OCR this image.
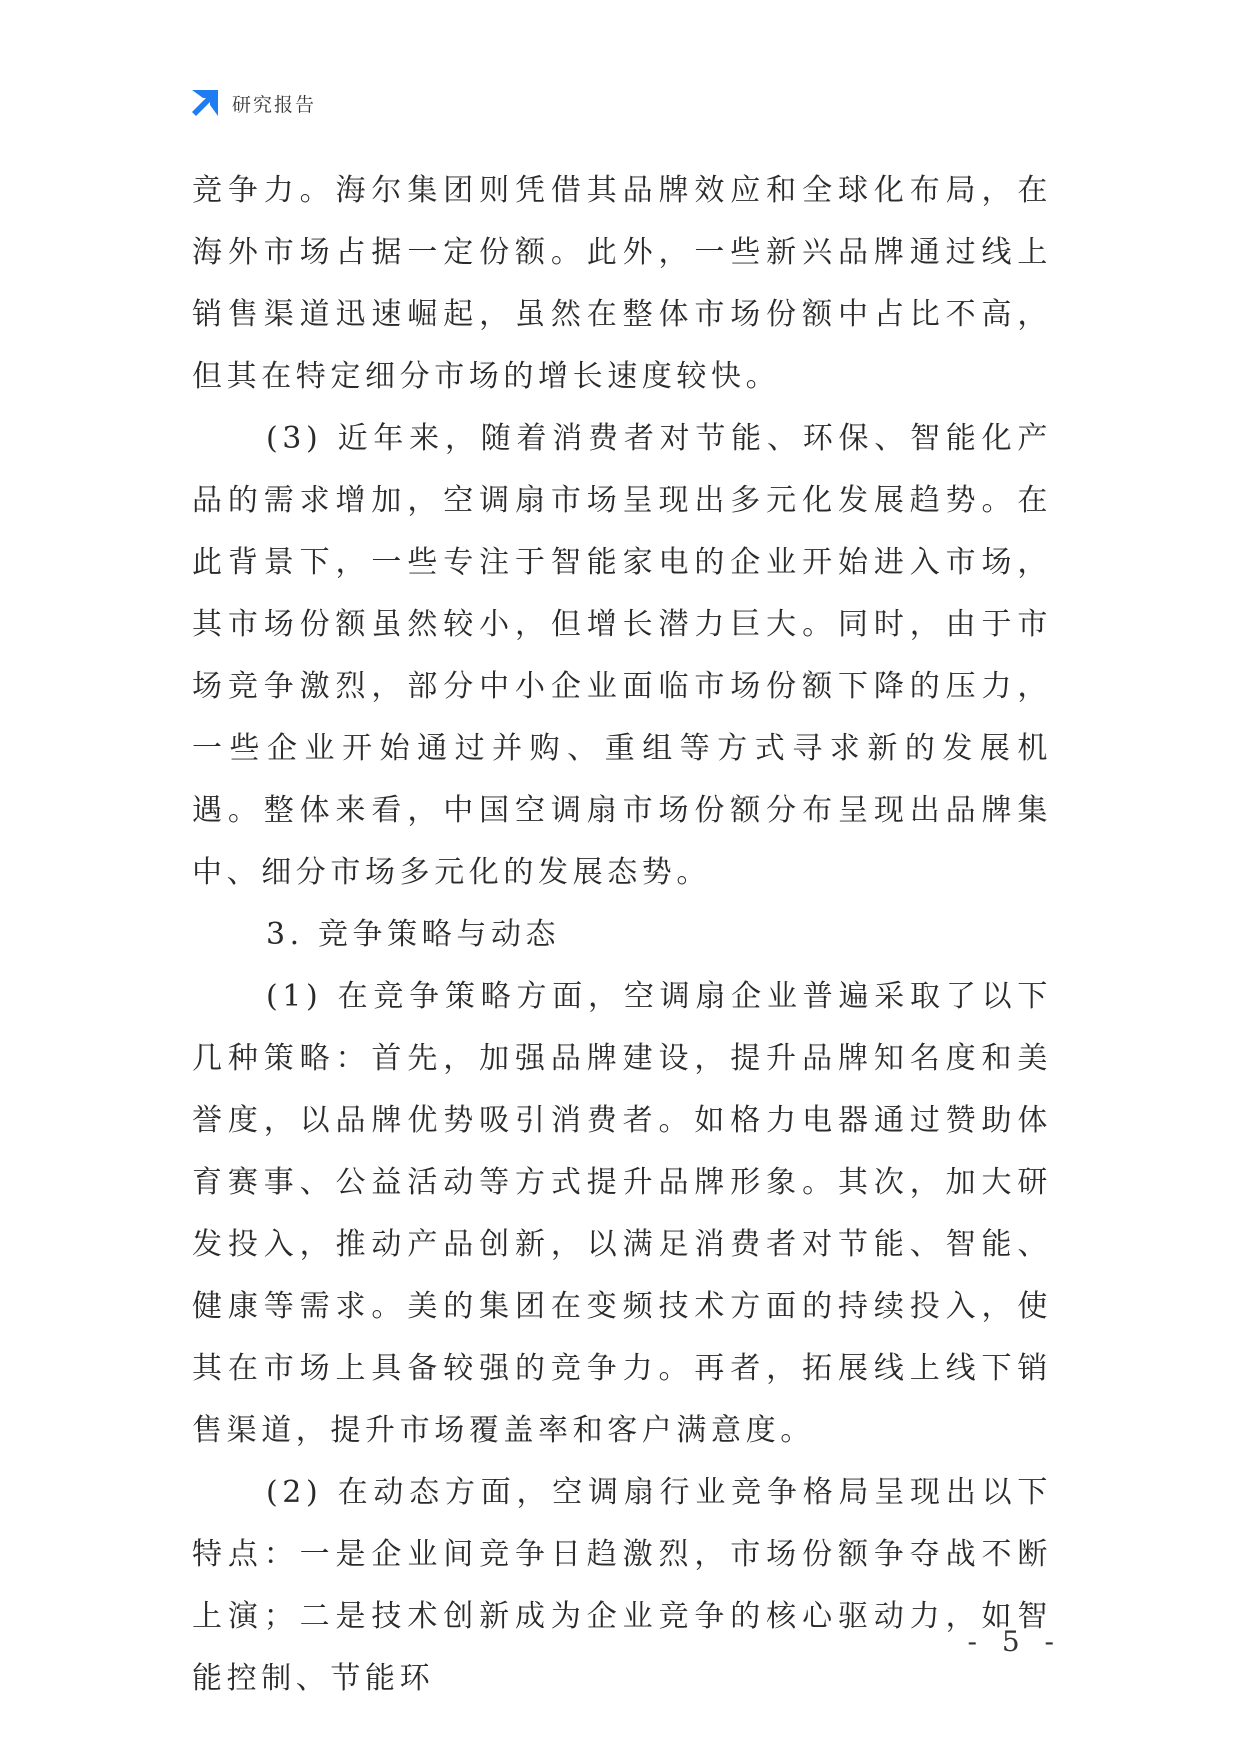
研究报告

竞争力。海尔集团则凭借其品牌效应和全球化布局，在海外市场占据一定份额。此外，一些新兴品牌通过线上销售渠道迅速崛起，虽然在整体市场份额中占比不高，但其在特定细分市场的增长速度较快。

(3) 近年来，随着消费者对节能、环保、智能化产品的需求增加，空调扇市场呈现出多元化发展趋势。在此背景下，一些专注于智能家电的企业开始进入市场，其市场份额虽然较小，但增长潜力巨大。同时，由于市场竞争激烈，部分中小企业面临市场份额下降的压力，一些企业开始通过并购、重组等方式寻求新的发展机遇。整体来看，中国空调扇市场份额分布呈现出品牌集中、细分市场多元化的发展态势。

3. 竞争策略与动态

(1) 在竞争策略方面，空调扇企业普遍采取了以下几种策略：首先，加强品牌建设，提升品牌知名度和美誉度，以品牌优势吸引消费者。如格力电器通过赞助体育赛事、公益活动等方式提升品牌形象。其次，加大研发投入，推动产品创新，以满足消费者对节能、智能、健康等需求。美的集团在变频技术方面的持续投入，使其在市场上具备较强的竞争力。再者，拓展线上线下销售渠道，提升市场覆盖率和客户满意度。

(2) 在动态方面，空调扇行业竞争格局呈现出以下特点：一是企业间竞争日趋激烈，市场份额争夺战不断上演；二是技术创新成为企业竞争的核心驱动力，如智能控制、节能环

- 5 -
